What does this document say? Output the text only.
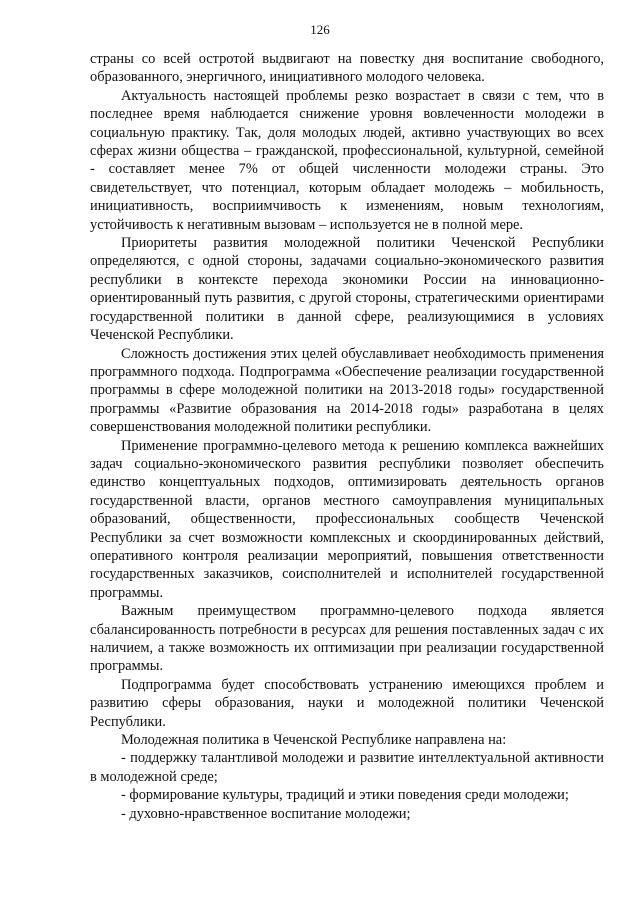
126

страны со всей остротой выдвигают на повестку дня воспитание свободного, образованного, энергичного, инициативного молодого человека.

Актуальность настоящей проблемы резко возрастает в связи с тем, что в последнее время наблюдается снижение уровня вовлеченности молодежи в социальную практику. Так, доля молодых людей, активно участвующих во всех сферах жизни общества – гражданской, профессиональной, культурной, семейной - составляет менее 7% от общей численности молодежи страны. Это свидетельствует, что потенциал, которым обладает молодежь – мобильность, инициативность, восприимчивость к изменениям, новым технологиям, устойчивость к негативным вызовам – используется не в полной мере.

Приоритеты развития молодежной политики Чеченской Республики определяются, с одной стороны, задачами социально-экономического развития республики в контексте перехода экономики России на инновационно-ориентированный путь развития, с другой стороны, стратегическими ориентирами государственной политики в данной сфере, реализующимися в условиях Чеченской Республики.

Сложность достижения этих целей обуславливает необходимость применения программного подхода. Подпрограмма «Обеспечение реализации государственной программы в сфере молодежной политики на 2013-2018 годы» государственной программы «Развитие образования на 2014-2018 годы» разработана в целях совершенствования молодежной политики республики.

Применение программно-целевого метода к решению комплекса важнейших задач социально-экономического развития республики позволяет обеспечить единство концептуальных подходов, оптимизировать деятельность органов государственной власти, органов местного самоуправления муниципальных образований, общественности, профессиональных сообществ Чеченской Республики за счет возможности комплексных и скоординированных действий, оперативного контроля реализации мероприятий, повышения ответственности государственных заказчиков, соисполнителей и исполнителей государственной программы.

Важным преимуществом программно-целевого подхода является сбалансированность потребности в ресурсах для решения поставленных задач с их наличием, а также возможность их оптимизации при реализации государственной программы.

Подпрограмма будет способствовать устранению имеющихся проблем и развитию сферы образования, науки и молодежной политики Чеченской Республики.

Молодежная политика в Чеченской Республике направлена на:

- поддержку талантливой молодежи и развитие интеллектуальной активности в молодежной среде;

- формирование культуры, традиций и этики поведения среди молодежи;

- духовно-нравственное воспитание молодежи;
